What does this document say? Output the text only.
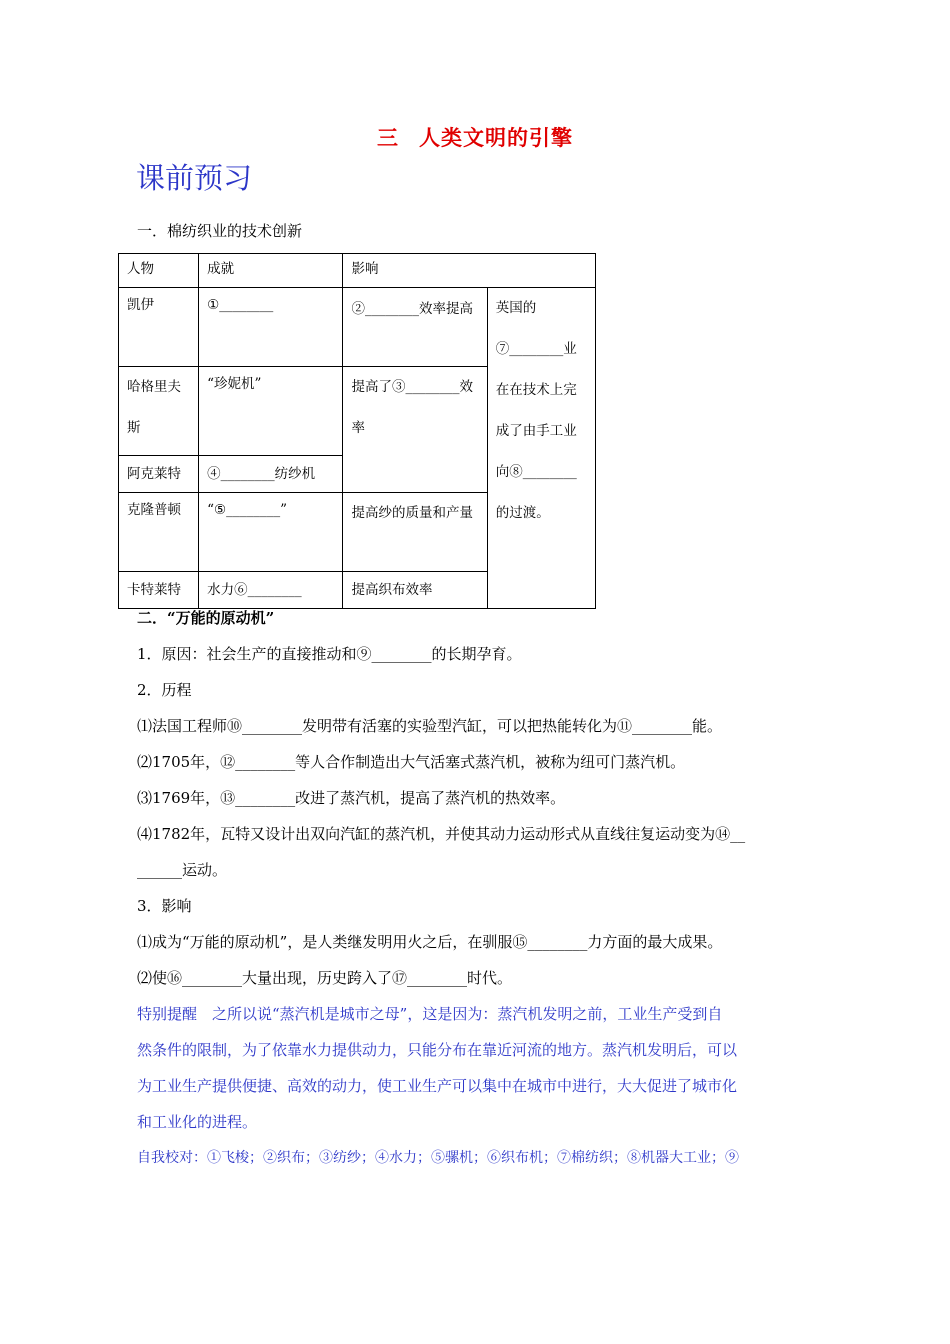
三 人类文明的引擎
课前预习
一．棉纺织业的技术创新
人物	成就	影响	
凯伊	①________	②________效率提高	英国的⑦________业在在技术上完成了由手工业向⑧________的过渡。
哈格里夫斯	“珍妮机”	提高了③________效率	
阿克莱特	④________纺纱机		
克隆普顿	“⑤________”	提高纱的质量和产量	
卡特莱特	水力⑥________	提高织布效率	
二．“万能的原动机”
1．原因：社会生产的直接推动和⑨________的长期孕育。
2．历程
⑴法国工程师⑩________发明带有活塞的实验型汽缸，可以把热能转化为⑪________能。
⑵1705年，⑫________等人合作制造出大气活塞式蒸汽机，被称为纽可门蒸汽机。
⑶1769年，⑬________改进了蒸汽机，提高了蒸汽机的热效率。
⑷1782年，瓦特又设计出双向汽缸的蒸汽机，并使其动力运动形式从直线往复运动变为⑭__
______运动。
3．影响
⑴成为“万能的原动机”，是人类继发明用火之后，在驯服⑮________力方面的最大成果。
⑵使⑯________大量出现，历史跨入了⑰________时代。
特别提醒　之所以说“蒸汽机是城市之母”，这是因为：蒸汽机发明之前，工业生产受到自
然条件的限制，为了依靠水力提供动力，只能分布在靠近河流的地方。蒸汽机发明后，可以
为工业生产提供便捷、高效的动力，使工业生产可以集中在城市中进行，大大促进了城市化
和工业化的进程。
自我校对：①飞梭；②织布；③纺纱；④水力；⑤骡机；⑥织布机；⑦棉纺织；⑧机器大工业；⑨
